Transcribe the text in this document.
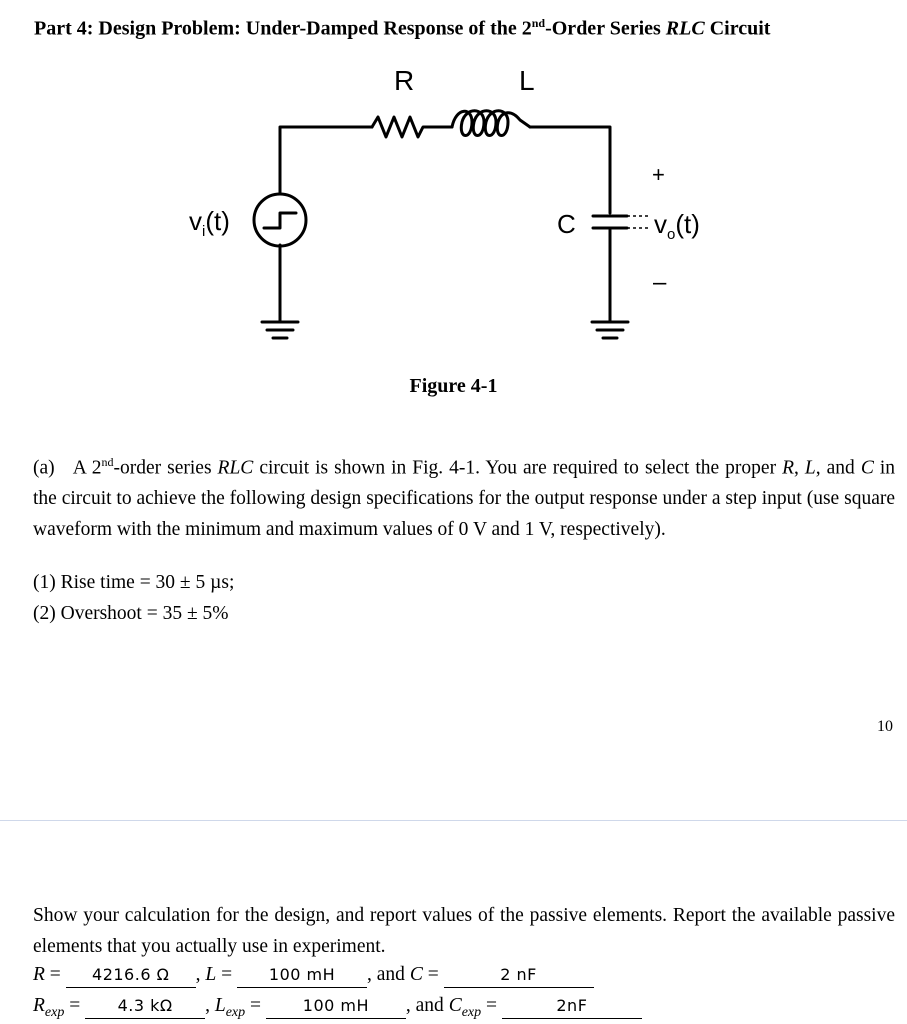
Part 4: Design Problem: Under-Damped Response of the 2nd-Order Series RLC Circuit
R	L
C
+
–
$v_i(t)$	$v_o(t)$
Figure 4-1
(a) A 2nd-order series RLC circuit is shown in Fig. 4-1. You are required to select the proper R, L, and C in the circuit to achieve the following design specifications for the output response under a step input (use square waveform with the minimum and maximum values of 0 V and 1 V, respectively).
(1) Rise time = 30 ± 5 µs;
(2) Overshoot = 35 ± 5%
10
Show your calculation for the design, and report values of the passive elements. Report the available passive elements that you actually use in experiment.
R = 4216.6 Ω , L = 100 mH , and C =	2 nF
$R_{exp} = 4.3$ kΩ , $L_{exp} = 100$ mH , and $C_{exp}$ =	2nF
